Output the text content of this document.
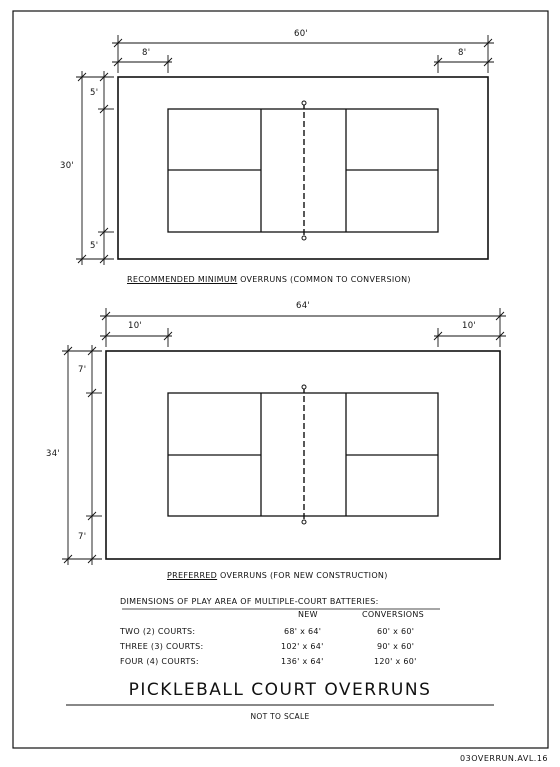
60'
8'	8'
5'
5'
30'
RECOMMENDED MINIMUM OVERRUNS (COMMON TO CONVERSION)
64'
10'	10'
7'
7'
34'
PREFERRED OVERRUNS (FOR NEW CONSTRUCTION)
DIMENSIONS OF PLAY AREA OF MULTIPLE-COURT BATTERIES:
NEW	CONVERSIONS
TWO (2) COURTS:	68' x 64'	60' x 60'
THREE (3) COURTS:	102' x 64'	90' x 60'
FOUR (4) COURTS:	136' x 64'	120' x 60'
PICKLEBALL COURT OVERRUNS
NOT TO SCALE
03OVERRUN.AVL.16
